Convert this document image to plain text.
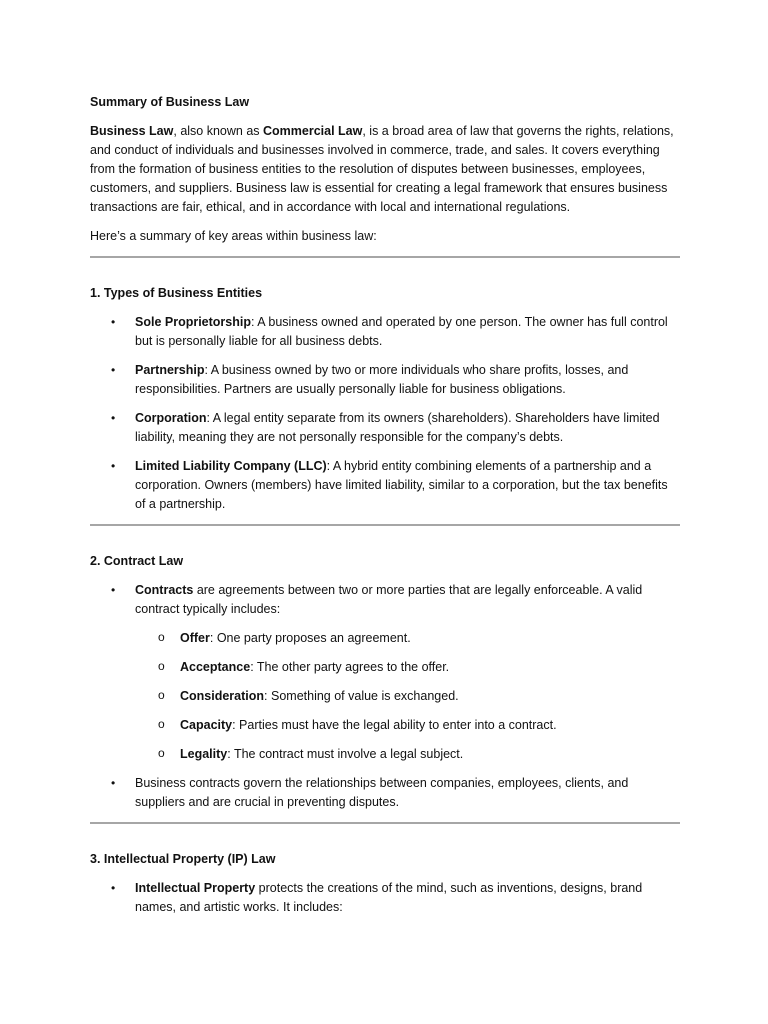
Summary of Business Law

Business Law, also known as Commercial Law, is a broad area of law that governs the rights, relations, and conduct of individuals and businesses involved in commerce, trade, and sales. It covers everything from the formation of business entities to the resolution of disputes between businesses, employees, customers, and suppliers. Business law is essential for creating a legal framework that ensures business transactions are fair, ethical, and in accordance with local and international regulations.

Here’s a summary of key areas within business law:

1. Types of Business Entities

• Sole Proprietorship: A business owned and operated by one person. The owner has full control but is personally liable for all business debts.
• Partnership: A business owned by two or more individuals who share profits, losses, and responsibilities. Partners are usually personally liable for business obligations.
• Corporation: A legal entity separate from its owners (shareholders). Shareholders have limited liability, meaning they are not personally responsible for the company’s debts.
• Limited Liability Company (LLC): A hybrid entity combining elements of a partnership and a corporation. Owners (members) have limited liability, similar to a corporation, but the tax benefits of a partnership.

2. Contract Law

• Contracts are agreements between two or more parties that are legally enforceable. A valid contract typically includes:
o Offer: One party proposes an agreement.
o Acceptance: The other party agrees to the offer.
o Consideration: Something of value is exchanged.
o Capacity: Parties must have the legal ability to enter into a contract.
o Legality: The contract must involve a legal subject.
• Business contracts govern the relationships between companies, employees, clients, and suppliers and are crucial in preventing disputes.

3. Intellectual Property (IP) Law

• Intellectual Property protects the creations of the mind, such as inventions, designs, brand names, and artistic works. It includes:
